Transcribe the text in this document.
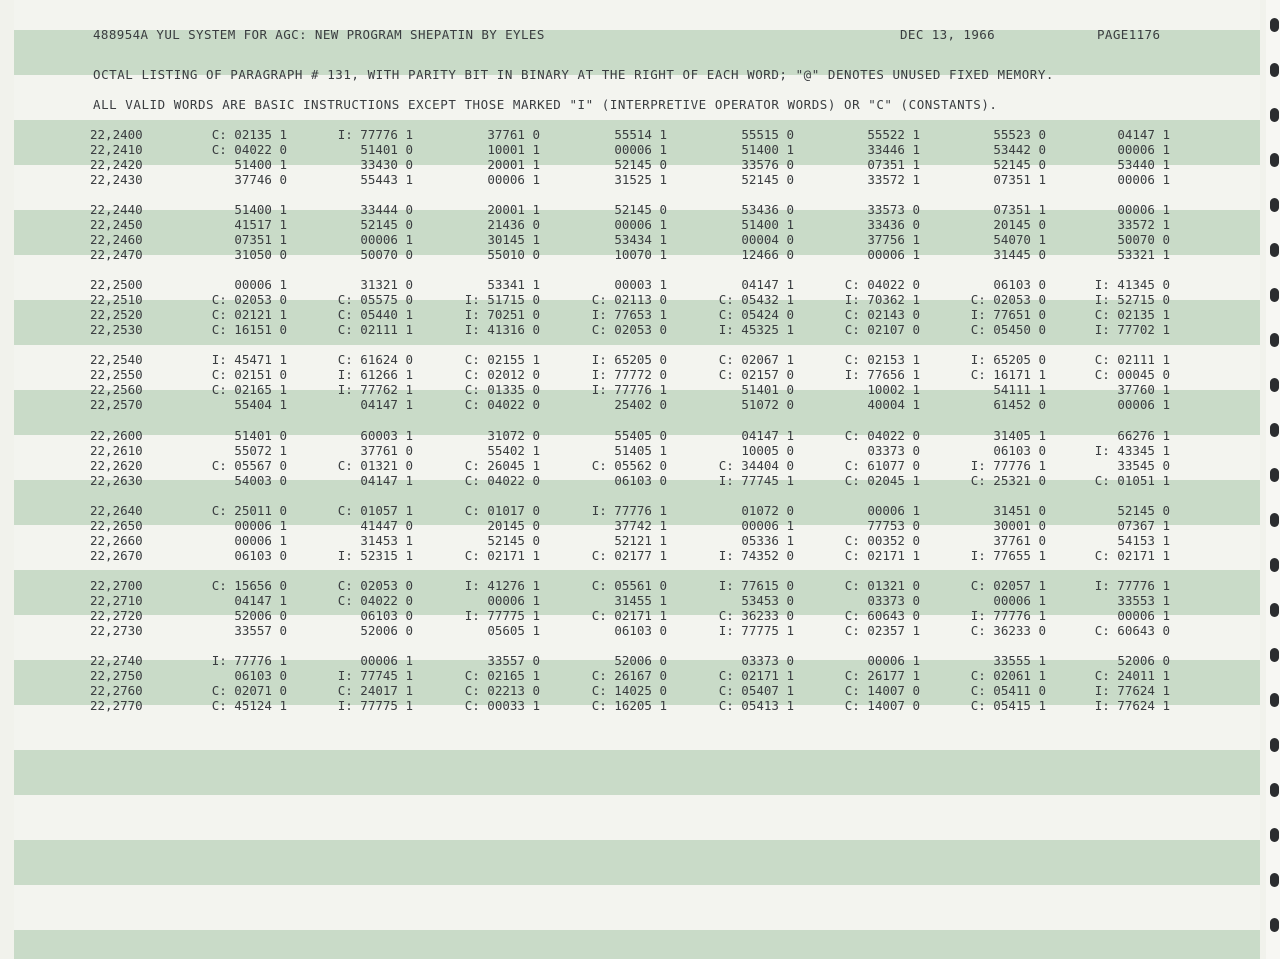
488954A YUL SYSTEM FOR AGC: NEW PROGRAM SHEPATIN BY EYLES	DEC 13, 1966	PAGE1176
OCTAL LISTING OF PARAGRAPH # 131, WITH PARITY BIT IN BINARY AT THE RIGHT OF EACH WORD; "@" DENOTES UNUSED FIXED MEMORY.
ALL VALID WORDS ARE BASIC INSTRUCTIONS EXCEPT THOSE MARKED "I" (INTERPRETIVE OPERATOR WORDS) OR "C" (CONSTANTS).
22,2400	C: 02135 1	I: 77776 1	37761 0	55514 1	55515 0	55522 1	55523 0	04147 1
22,2410	C: 04022 0	51401 0	10001 1	00006 1	51400 1	33446 1	53442 0	00006 1
22,2420	51400 1	33430 0	20001 1	52145 0	33576 0	07351 1	52145 0	53440 1
22,2430	37746 0	55443 1	00006 1	31525 1	52145 0	33572 1	07351 1	00006 1
22,2440	51400 1	33444 0	20001 1	52145 0	53436 0	33573 0	07351 1	00006 1
22,2450	41517 1	52145 0	21436 0	00006 1	51400 1	33436 0	20145 0	33572 1
22,2460	07351 1	00006 1	30145 1	53434 1	00004 0	37756 1	54070 1	50070 0
22,2470	31050 0	50070 0	55010 0	10070 1	12466 0	00006 1	31445 0	53321 1
22,2500	00006 1	31321 0	53341 1	00003 1	04147 1	C: 04022 0	06103 0	I: 41345 0
22,2510	C: 02053 0	C: 05575 0	I: 51715 0	C: 02113 0	C: 05432 1	I: 70362 1	C: 02053 0	I: 52715 0
22,2520	C: 02121 1	C: 05440 1	I: 70251 0	I: 77653 1	C: 05424 0	C: 02143 0	I: 77651 0	C: 02135 1
22,2530	C: 16151 0	C: 02111 1	I: 41316 0	C: 02053 0	I: 45325 1	C: 02107 0	C: 05450 0	I: 77702 1
22,2540	I: 45471 1	C: 61624 0	C: 02155 1	I: 65205 0	C: 02067 1	C: 02153 1	I: 65205 0	C: 02111 1
22,2550	C: 02151 0	I: 61266 1	C: 02012 0	I: 77772 0	C: 02157 0	I: 77656 1	C: 16171 1	C: 00045 0
22,2560	C: 02165 1	I: 77762 1	C: 01335 0	I: 77776 1	51401 0	10002 1	54111 1	37760 1
22,2570	55404 1	04147 1	C: 04022 0	25402 0	51072 0	40004 1	61452 0	00006 1
22,2600	51401 0	60003 1	31072 0	55405 0	04147 1	C: 04022 0	31405 1	66276 1
22,2610	55072 1	37761 0	55402 1	51405 1	10005 0	03373 0	06103 0	I: 43345 1
22,2620	C: 05567 0	C: 01321 0	C: 26045 1	C: 05562 0	C: 34404 0	C: 61077 0	I: 77776 1	33545 0
22,2630	54003 0	04147 1	C: 04022 0	06103 0	I: 77745 1	C: 02045 1	C: 25321 0	C: 01051 1
22,2640	C: 25011 0	C: 01057 1	C: 01017 0	I: 77776 1	01072 0	00006 1	31451 0	52145 0
22,2650	00006 1	41447 0	20145 0	37742 1	00006 1	77753 0	30001 0	07367 1
22,2660	00006 1	31453 1	52145 0	52121 1	05336 1	C: 00352 0	37761 0	54153 1
22,2670	06103 0	I: 52315 1	C: 02171 1	C: 02177 1	I: 74352 0	C: 02171 1	I: 77655 1	C: 02171 1
22,2700	C: 15656 0	C: 02053 0	I: 41276 1	C: 05561 0	I: 77615 0	C: 01321 0	C: 02057 1	I: 77776 1
22,2710	04147 1	C: 04022 0	00006 1	31455 1	53453 0	03373 0	00006 1	33553 1
22,2720	52006 0	06103 0	I: 77775 1	C: 02171 1	C: 36233 0	C: 60643 0	I: 77776 1	00006 1
22,2730	33557 0	52006 0	05605 1	06103 0	I: 77775 1	C: 02357 1	C: 36233 0	C: 60643 0
22,2740	I: 77776 1	00006 1	33557 0	52006 0	03373 0	00006 1	33555 1	52006 0
22,2750	06103 0	I: 77745 1	C: 02165 1	C: 26167 0	C: 02171 1	C: 26177 1	C: 02061 1	C: 24011 1
22,2760	C: 02071 0	C: 24017 1	C: 02213 0	C: 14025 0	C: 05407 1	C: 14007 0	C: 05411 0	I: 77624 1
22,2770	C: 45124 1	I: 77775 1	C: 00033 1	C: 16205 1	C: 05413 1	C: 14007 0	C: 05415 1	I: 77624 1
